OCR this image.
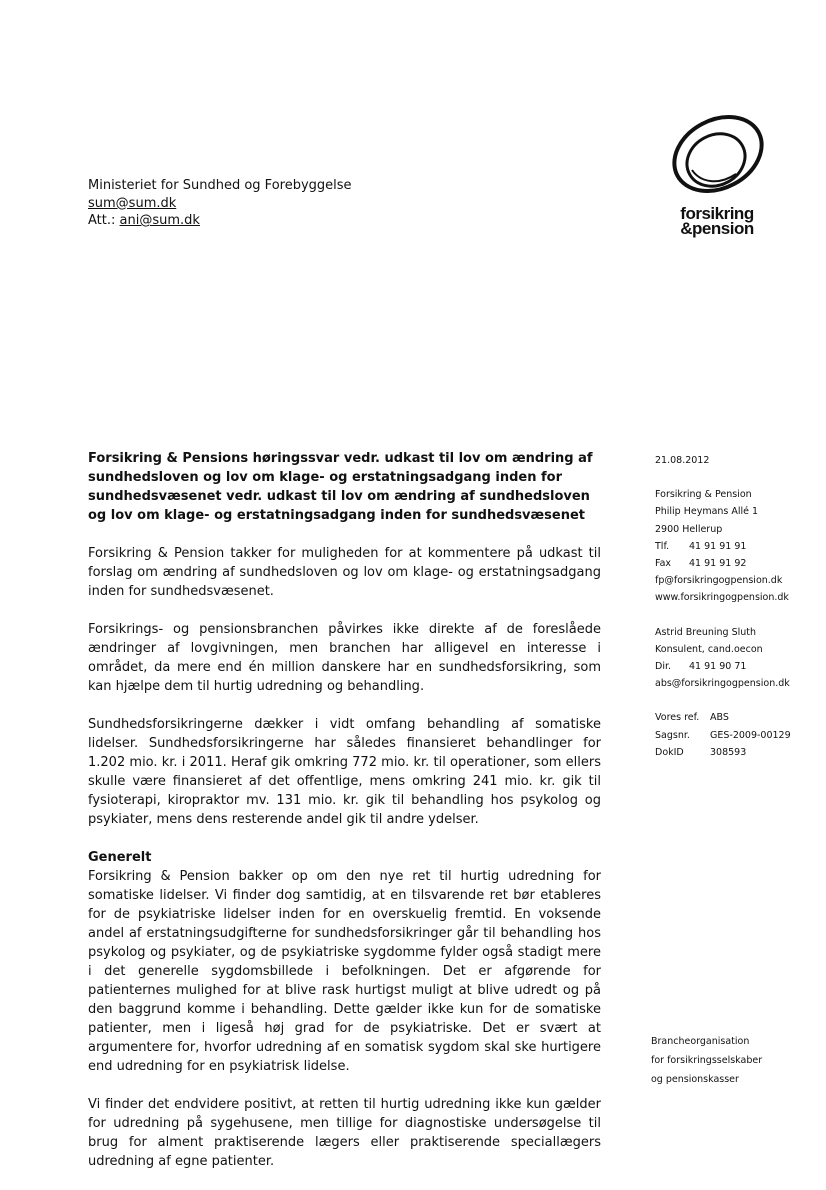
Ministeriet for Sundhed og Forebyggelse
sum@sum.dk
Att.: ani@sum.dk	forsikring
&pension

Forsikring & Pensions høringssvar vedr. udkast til lov om ændring af sundhedsloven og lov om klage- og erstatningsadgang inden for sundhedsvæsenet vedr. udkast til lov om ændring af sundhedsloven og lov om klage- og erstatningsadgang inden for sundhedsvæsenet

Forsikring & Pension takker for muligheden for at kommentere på udkast til forslag om ændring af sundhedsloven og lov om klage- og erstatningsadgang inden for sundhedsvæsenet.

Forsikrings- og pensionsbranchen påvirkes ikke direkte af de foreslåede ændringer af lovgivningen, men branchen har alligevel en interesse i området, da mere end én million danskere har en sundhedsforsikring, som kan hjælpe dem til hurtig udredning og behandling.

Sundhedsforsikringerne dækker i vidt omfang behandling af somatiske lidelser. Sundhedsforsikringerne har således finansieret behandlinger for 1.202 mio. kr. i 2011. Heraf gik omkring 772 mio. kr. til operationer, som ellers skulle være finansieret af det offentlige, mens omkring 241 mio. kr. gik til fysioterapi, kiropraktor mv. 131 mio. kr. gik til behandling hos psykolog og psykiater, mens dens resterende andel gik til andre ydelser.

Generelt

Forsikring & Pension bakker op om den nye ret til hurtig udredning for somatiske lidelser. Vi finder dog samtidig, at en tilsvarende ret bør etableres for de psykiatriske lidelser inden for en overskuelig fremtid. En voksende andel af erstatningsudgifterne for sundhedsforsikringer går til behandling hos psykolog og psykiater, og de psykiatriske sygdomme fylder også stadigt mere i det generelle sygdomsbillede i befolkningen. Det er afgørende for patienternes mulighed for at blive rask hurtigst muligt at blive udredt og på den baggrund komme i behandling. Dette gælder ikke kun for de somatiske patienter, men i ligeså høj grad for de psykiatriske. Det er svært at argumentere for, hvorfor udredning af en somatisk sygdom skal ske hurtigere end udredning for en psykiatrisk lidelse.

Vi finder det endvidere positivt, at retten til hurtig udredning ikke kun gælder for udredning på sygehusene, men tillige for diagnostiske undersøgelse til brug for alment praktiserende lægers eller praktiserende speciallægers udredning af egne patienter.

21.08.2012
Forsikring & Pension
Philip Heymans Allé 1
2900 Hellerup
Tlf. 41 91 91 91
Fax 41 91 91 92
fp@forsikringogpension.dk
www.forsikringogpension.dk
Astrid Breuning Sluth
Konsulent, cand.oecon
Dir. 41 91 90 71
abs@forsikringogpension.dk
Vores ref. ABS
Sagsnr. GES-2009-00129
DokID	308593
Brancheorganisation
for forsikringsselskaber
og pensionskasser
